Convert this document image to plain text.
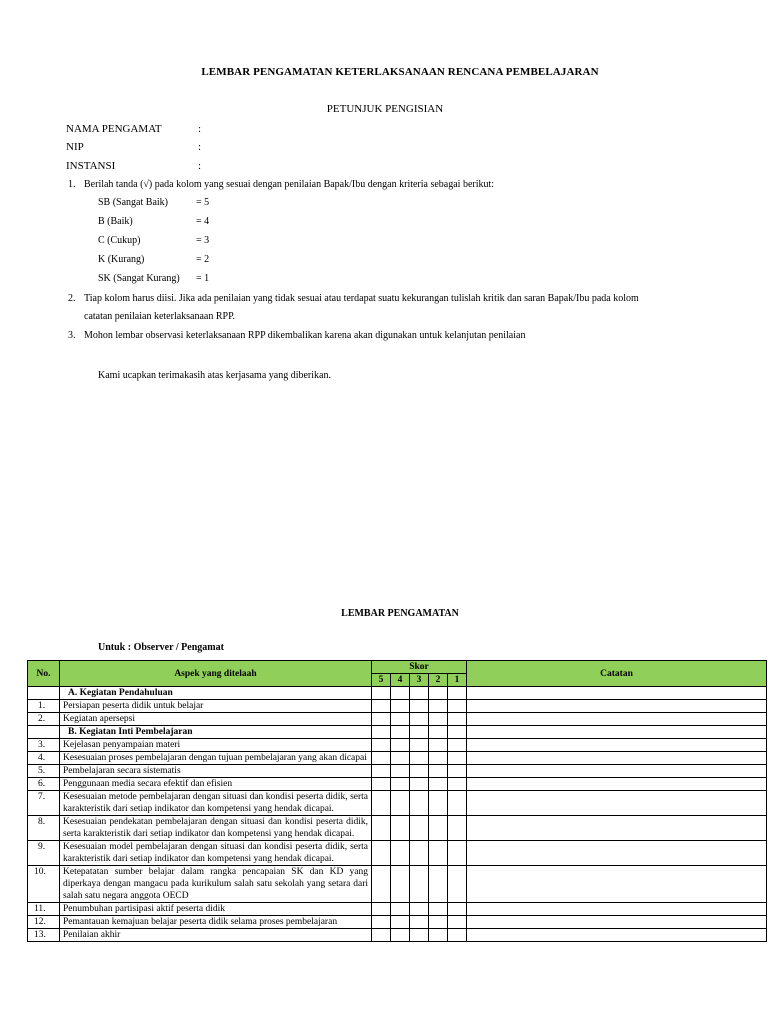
LEMBAR PENGAMATAN KETERLAKSANAAN RENCANA PEMBELAJARAN
PETUNJUK PENGISIAN
NAMA PENGAMAT	:
NIP	:
INSTANSI	:
1. Berilah tanda (√) pada kolom yang sesuai dengan penilaian Bapak/Ibu dengan kriteria sebagai berikut:
SB (Sangat Baik)	= 5
B (Baik)	= 4
C (Cukup)	= 3
K (Kurang)	= 2
SK (Sangat Kurang) = 1
2. Tiap kolom harus diisi. Jika ada penilaian yang tidak sesuai atau terdapat suatu kekurangan tulislah kritik dan saran Bapak/Ibu pada kolom
catatan penilaian keterlaksanaan RPP.
3. Mohon lembar observasi keterlaksanaan RPP dikembalikan karena akan digunakan untuk kelanjutan penilaian
Kami ucapkan terimakasih atas kerjasama yang diberikan.
LEMBAR PENGAMATAN
Untuk : Observer / Pengamat
No.	Aspek yang ditelaah	Skor					Catatan
		5	4	3	2	1	
	A. Kegiatan Pendahuluan						
1.	Persiapan peserta didik untuk belajar						
2.	Kegiatan apersepsi						
	B. Kegiatan Inti Pembelajaran						
3.	Kejelasan penyampaian materi						
4.	Kesesuaian proses pembelajaran dengan tujuan pembelajaran yang akan dicapai						
5.	Pembelajaran secara sistematis						
6.	Penggunaan media secara efektif dan efisien						
7.	Kesesuaian metode pembelajaran dengan situasi dan kondisi peserta didik, serta karakteristik dari setiap indikator dan kompetensi yang hendak dicapai.						
8.	Kesesuaian pendekatan pembelajaran dengan situasi dan kondisi peserta didik, serta karakteristik dari setiap indikator dan kompetensi yang hendak dicapai.						
9.	Kesesuaian model pembelajaran dengan situasi dan kondisi peserta didik, serta karakteristik dari setiap indikator dan kompetensi yang hendak dicapai.						
10.	Ketepatatan sumber belajar dalam rangka pencapaian SK dan KD yang diperkaya dengan mangacu pada kurikulum salah satu sekolah yang setara dari salah satu negara anggota OECD						
11.	Penumbuhan partisipasi aktif peserta didik						
12.	Pemantauan kemajuan belajar peserta didik selama proses pembelajaran						
13.	Penilaian akhir						
